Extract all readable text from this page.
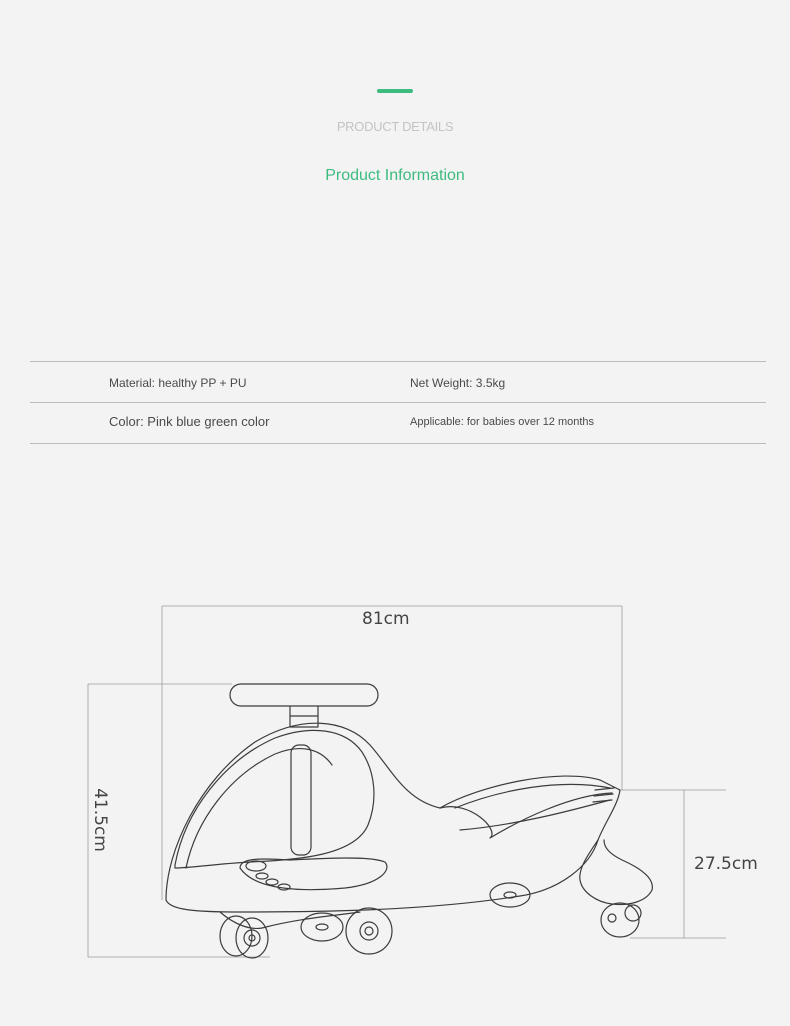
PRODUCT DETAILS
Product Information
Material: healthy PP + PU	Net Weight: 3.5kg
Color: Pink blue green color	Applicable: for babies over 12 months
81cm
41.5cm
27.5cm
